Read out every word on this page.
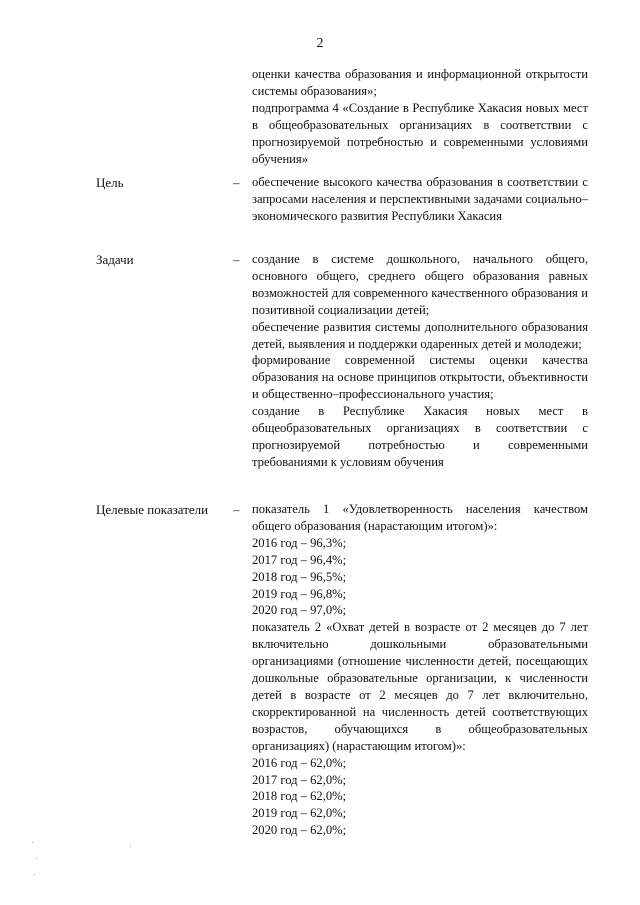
2

оценки качества образования и информационной открытости системы образования»;

подпрограмма 4 «Создание в Республике Хакасия новых мест в общеобразовательных организациях в соответствии с прогнозируемой потребностью и современными условиями обучения»

Цель	– обеспечение высокого качества образования в соответствии с запросами населения и перспективными задачами социально–экономического развития Республики Хакасия

Задачи	– создание в системе дошкольного, начального общего, основного общего, среднего общего образования равных возможностей для современного качественного образования и позитивной социализации детей;

обеспечение развития системы дополнительного образования детей, выявления и поддержки одаренных детей и молодежи;

формирование современной системы оценки качества образования на основе принципов открытости, объективности и общественно–профессионального участия;

создание в Республике Хакасия новых мест в общеобразовательных организациях в соответствии с прогнозируемой потребностью и современными требованиями к условиям обучения

Целевые показатели – показатель 1 «Удовлетворенность населения качеством общего образования (нарастающим итогом)»:

2016 год – 96,3%;

2017 год – 96,4%;

2018 год – 96,5%;

2019 год – 96,8%;

2020 год – 97,0%;

показатель 2 «Охват детей в возрасте от 2 месяцев до 7 лет включительно дошкольными образовательными организациями (отношение численности детей, посещающих дошкольные образовательные организации, к численности детей в возрасте от 2 месяцев до 7 лет включительно, скорректированной на численность детей соответствующих возрастов, обучающихся в общеобразовательных организациях) (нарастающим итогом)»:

2016 год – 62,0%;

2017 год – 62,0%;

2018 год – 62,0%;

2019 год – 62,0%;

2020 год – 62,0%;
